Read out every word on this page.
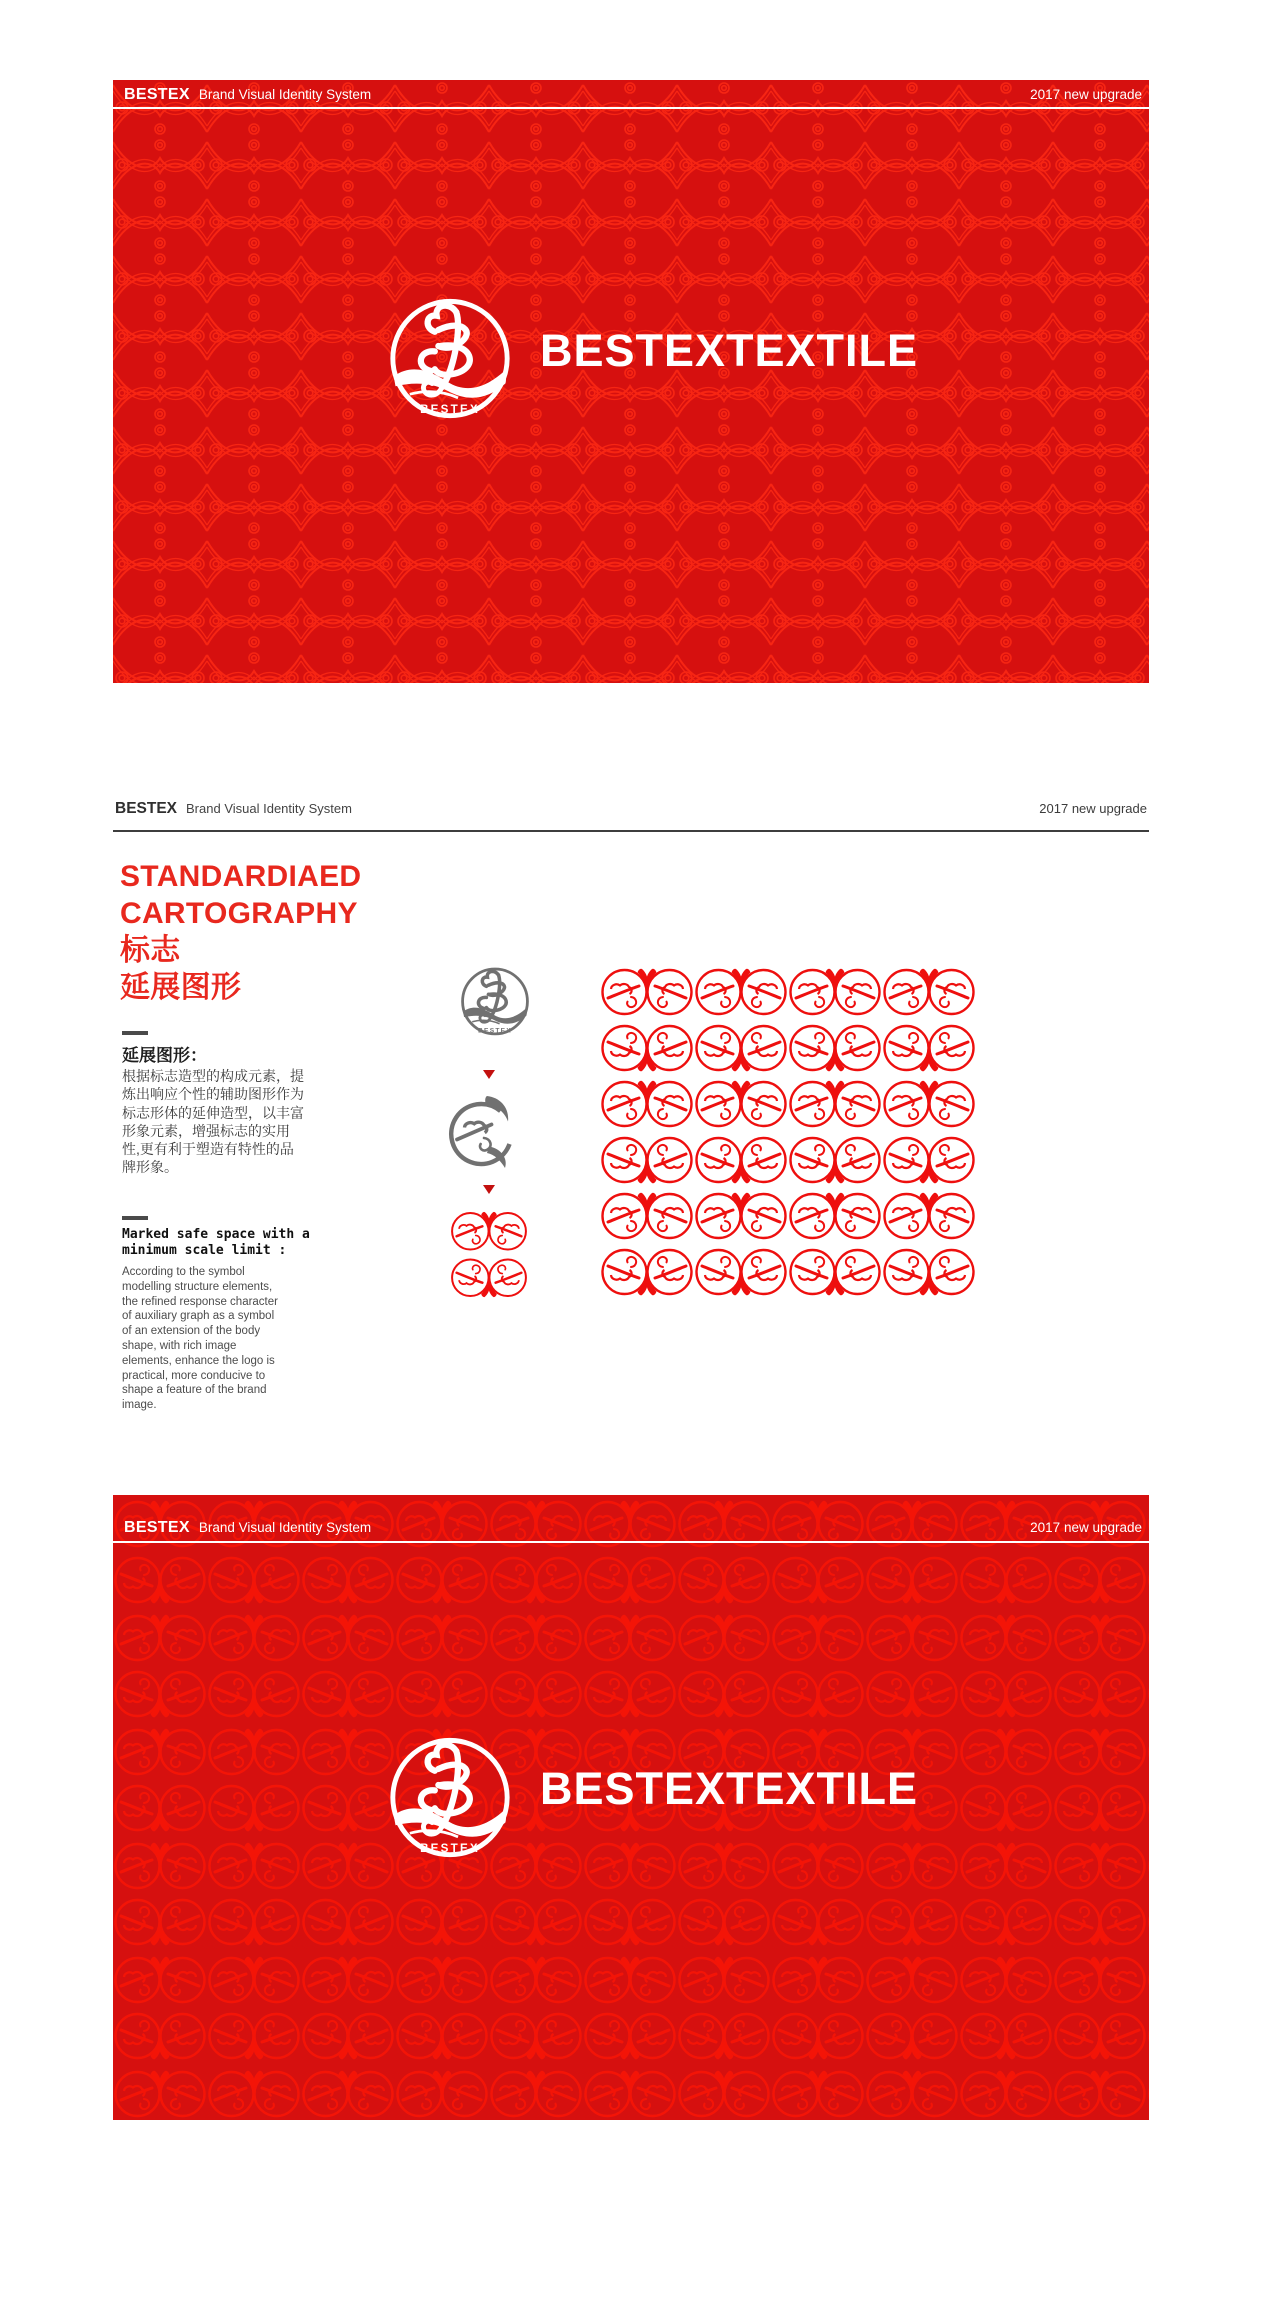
BESTEX Brand Visual Identity System	2017 new upgrade
BESTEXTEXTILE
BESTEX Brand Visual Identity System	2017 new upgrade
STANDARDIAED
CARTOGRAPHY
标志
延展图形
延展图形：
根据标志造型的构成元素，提炼出响应个性的辅助图形作为标志形体的延伸造型，以丰富形象元素，增强标志的实用性,更有利于塑造有特性的品牌形象。
Marked safe space with a minimum scale limit :
According to the symbol modelling structure elements, the refined response character of auxiliary graph as a symbol of an extension of the body shape, with rich image elements, enhance the logo is practical, more conducive to shape a feature of the brand image.
BESTEX Brand Visual Identity System	2017 new upgrade
BESTEXTEXTILE
